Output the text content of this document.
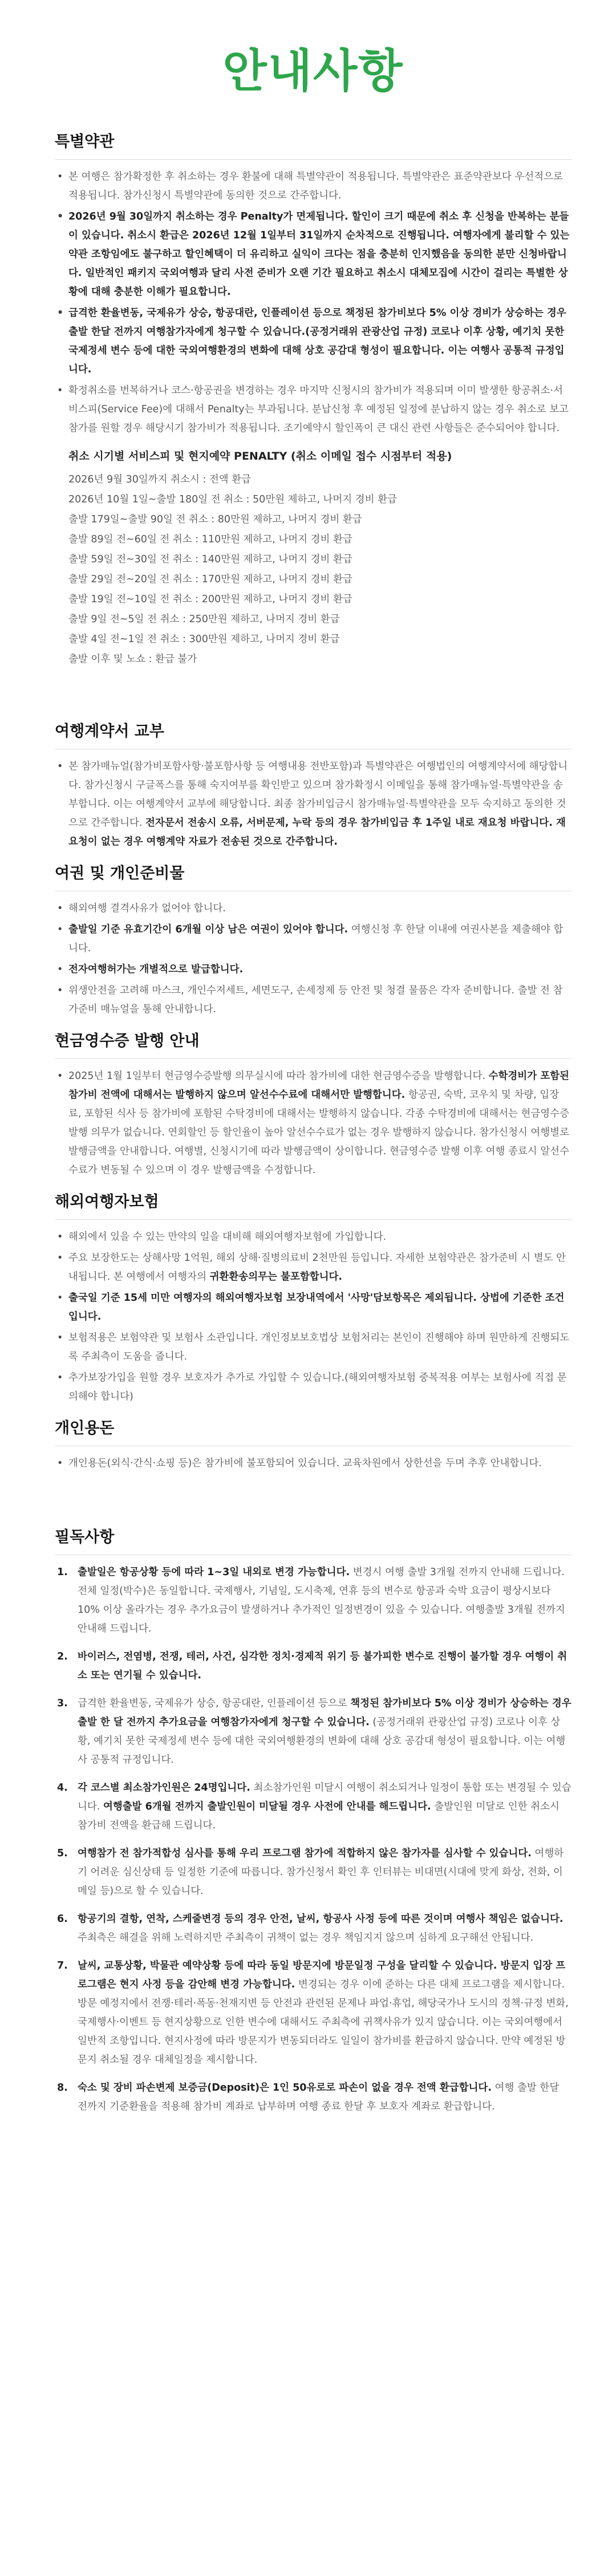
안내사항
특별약관
• 본 여행은 참가확정한 후 취소하는 경우 환불에 대해 특별약관이 적용됩니다. 특별약관은 표준약관보다 우선적으로 적용됩니다. 참가신청시 특별약관에 동의한 것으로 간주합니다.
• 2026년 9월 30일까지 취소하는 경우 Penalty가 면제됩니다. 할인이 크기 때문에 취소 후 신청을 반복하는 분들이 있습니다. 취소시 환급은 2026년 12월 1일부터 31일까지 순차적으로 진행됩니다. 여행자에게 불리할 수 있는 약관 조항임에도 불구하고 할인혜택이 더 유리하고 실익이 크다는 점을 충분히 인지했음을 동의한 분만 신청바랍니다. 일반적인 패키지 국외여행과 달리 사전 준비가 오랜 기간 필요하고 취소시 대체모집에 시간이 걸리는 특별한 상황에 대해 충분한 이해가 필요합니다.
• 급격한 환율변동, 국제유가 상승, 항공대란, 인플레이션 등으로 책정된 참가비보다 5% 이상 경비가 상승하는 경우 출발 한달 전까지 여행참가자에게 청구할 수 있습니다.(공정거래위 관광산업 규정) 코로나 이후 상황, 예기치 못한 국제정세 변수 등에 대한 국외여행환경의 변화에 대해 상호 공감대 형성이 필요합니다. 이는 여행사 공통적 규정입니다.
• 확정취소를 번복하거나 코스·항공권을 변경하는 경우 마지막 신청시의 참가비가 적용되며 이미 발생한 항공취소·서비스피(Service Fee)에 대해서 Penalty는 부과됩니다. 분납신청 후 예정된 일정에 분납하지 않는 경우 취소로 보고 참가를 원할 경우 해당시기 참가비가 적용됩니다. 조기예약시 할인폭이 큰 대신 관련 사항들은 준수되어야 합니다.
취소 시기별 서비스피 및 현지예약 PENALTY (취소 이메일 접수 시점부터 적용)
2026년 9월 30일까지 취소시 : 전액 환급
2026년 10월 1일~출발 180일 전 취소 : 50만원 제하고, 나머지 경비 환급
출발 179일~출발 90일 전 취소 : 80만원 제하고, 나머지 경비 환급
출발 89일 전~60일 전 취소 : 110만원 제하고, 나머지 경비 환급
출발 59일 전~30일 전 취소 : 140만원 제하고, 나머지 경비 환급
출발 29일 전~20일 전 취소 : 170만원 제하고, 나머지 경비 환급
출발 19일 전~10일 전 취소 : 200만원 제하고, 나머지 경비 환급
출발 9일 전~5일 전 취소 : 250만원 제하고, 나머지 경비 환급
출발 4일 전~1일 전 취소 : 300만원 제하고, 나머지 경비 환급
출발 이후 및 노쇼 : 환급 불가
여행계약서 교부
• 본 참가매뉴얼(참가비포함사항·불포함사항 등 여행내용 전반포함)과 특별약관은 여행법인의 여행계약서에 해당합니다. 참가신청시 구글폭스를 통해 숙지여부를 확인받고 있으며 참가확정시 이메일을 통해 참가매뉴얼·특별약관을 송부합니다. 이는 여행계약서 교부에 해당합니다. 최종 참가비입금시 참가매뉴얼·특별약관을 모두 숙지하고 동의한 것으로 간주합니다. 전자문서 전송시 오류, 서버문제, 누락 등의 경우 참가비입금 후 1주일 내로 재요청 바랍니다. 재요청이 없는 경우 여행계약 자료가 전송된 것으로 간주합니다.
여권 및 개인준비물
• 해외여행 결격사유가 없어야 합니다.
• 출발일 기준 유효기간이 6개월 이상 남은 여권이 있어야 합니다. 여행신청 후 한달 이내에 여권사본을 제출해야 합니다.
• 전자여행허가는 개별적으로 발급합니다.
• 위생안전을 고려해 마스크, 개인수저세트, 세면도구, 손세정제 등 안전 및 청결 물품은 각자 준비합니다. 출발 전 참가준비 매뉴얼을 통해 안내합니다.
현금영수증 발행 안내
• 2025년 1월 1일부터 현금영수증발행 의무실시에 따라 참가비에 대한 현금영수증을 발행합니다. 수학경비가 포함된 참가비 전액에 대해서는 발행하지 않으며 알선수수료에 대해서만 발행합니다. 항공권, 숙박, 코우치 및 차량, 입장료, 포함된 식사 등 참가비에 포함된 수탁경비에 대해서는 발행하지 않습니다. 각종 수탁경비에 대해서는 현금영수증 발행 의무가 없습니다. 연회할인 등 할인율이 높아 알선수수료가 없는 경우 발행하지 않습니다. 참가신청시 여행별로 발행금액을 안내합니다. 여행별, 신청시기에 따라 발행금액이 상이합니다. 현금영수증 발행 이후 여행 종료시 알선수수료가 변동될 수 있으며 이 경우 발행금액을 수정합니다.
해외여행자보험
• 해외에서 있을 수 있는 만약의 일을 대비해 해외여행자보험에 가입합니다.
• 주요 보장한도는 상해사망 1억원, 해외 상해·질병의료비 2천만원 등입니다. 자세한 보험약관은 참가준비 시 별도 안내됩니다. 본 여행에서 여행자의 귀환환송의무는 불포함합니다.
• 출국일 기준 15세 미만 여행자의 해외여행자보험 보장내역에서 '사망'담보항목은 제외됩니다. 상법에 기준한 조건입니다.
• 보험적용은 보험약관 및 보험사 소관입니다. 개인정보보호법상 보험처리는 본인이 진행해야 하며 원만하게 진행되도록 주최측이 도움을 줍니다.
• 추가보장가입을 원할 경우 보호자가 추가로 가입할 수 있습니다.(해외여행자보험 중복적용 여부는 보험사에 직접 문의해야 합니다)
개인용돈
• 개인용돈(외식·간식·쇼핑 등)은 참가비에 불포함되어 있습니다. 교육차원에서 상한선을 두며 추후 안내합니다.
필독사항
1. 출발일은 항공상황 등에 따라 1~3일 내외로 변경 가능합니다. 변경시 여행 출발 3개월 전까지 안내해 드립니다. 전체 일정(박수)은 동일합니다. 국제행사, 기념일, 도시축제, 연휴 등의 변수로 항공과 숙박 요금이 평상시보다 10% 이상 올라가는 경우 추가요금이 발생하거나 추가적인 일정변경이 있을 수 있습니다. 여행출발 3개월 전까지 안내해 드립니다.
2. 바이러스, 전염병, 전쟁, 테러, 사건, 심각한 정치·경제적 위기 등 불가피한 변수로 진행이 불가할 경우 여행이 취소 또는 연기될 수 있습니다.
3. 급격한 환율변동, 국제유가 상승, 항공대란, 인플레이션 등으로 책정된 참가비보다 5% 이상 경비가 상승하는 경우 출발 한 달 전까지 추가요금을 여행참가자에게 청구할 수 있습니다. (공정거래위 관광산업 규정) 코로나 이후 상황, 예기치 못한 국제정세 변수 등에 대한 국외여행환경의 변화에 대해 상호 공감대 형성이 필요합니다. 이는 여행사 공통적 규정입니다.
4. 각 코스별 최소참가인원은 24명입니다. 최소참가인원 미달시 여행이 취소되거나 일정이 통합 또는 변경될 수 있습니다. 여행출발 6개월 전까지 출발인원이 미달될 경우 사전에 안내를 해드립니다. 출발인원 미달로 인한 취소시 참가비 전액을 환급해 드립니다.
5. 여행참가 전 참가적합성 심사를 통해 우리 프로그램 참가에 적합하지 않은 참가자를 심사할 수 있습니다. 여행하기 어려운 심신상태 등 일정한 기준에 따릅니다. 참가신청서 확인 후 인터뷰는 비대면(시대에 맞게 화상, 전화, 이메일 등)으로 할 수 있습니다.
6. 항공기의 결항, 연착, 스케줄변경 등의 경우 안전, 날씨, 항공사 사정 등에 따른 것이며 여행사 책임은 없습니다. 주최측은 해결을 위해 노력하지만 주최측이 귀책이 없는 경우 책임지지 않으며 심하게 요구해선 안됩니다.
7. 날씨, 교통상황, 박물관 예약상황 등에 따라 동일 방문지에 방문일정 구성을 달리할 수 있습니다. 방문지 입장 프로그램은 현지 사정 등을 감안해 변경 가능합니다. 변경되는 경우 이에 준하는 다른 대체 프로그램을 제시합니다. 방문 예정지에서 전쟁·테러·폭동·천재지변 등 안전과 관련된 문제나 파업·휴업, 해당국가나 도시의 정책·규정 변화, 국제행사·이벤트 등 현지상황으로 인한 변수에 대해서도 주최측에 귀책사유가 있지 않습니다. 이는 국외여행에서 일반적 조항입니다. 현지사정에 따라 방문지가 변동되더라도 일일이 참가비를 환급하지 않습니다. 만약 예정된 방문지 취소될 경우 대체일정을 제시합니다.
8. 숙소 및 장비 파손변제 보증금(Deposit)은 1인 50유로로 파손이 없을 경우 전액 환급합니다. 여행 출발 한달 전까지 기준환율을 적용해 참가비 계좌로 납부하며 여행 종료 한달 후 보호자 계좌로 환급합니다.
